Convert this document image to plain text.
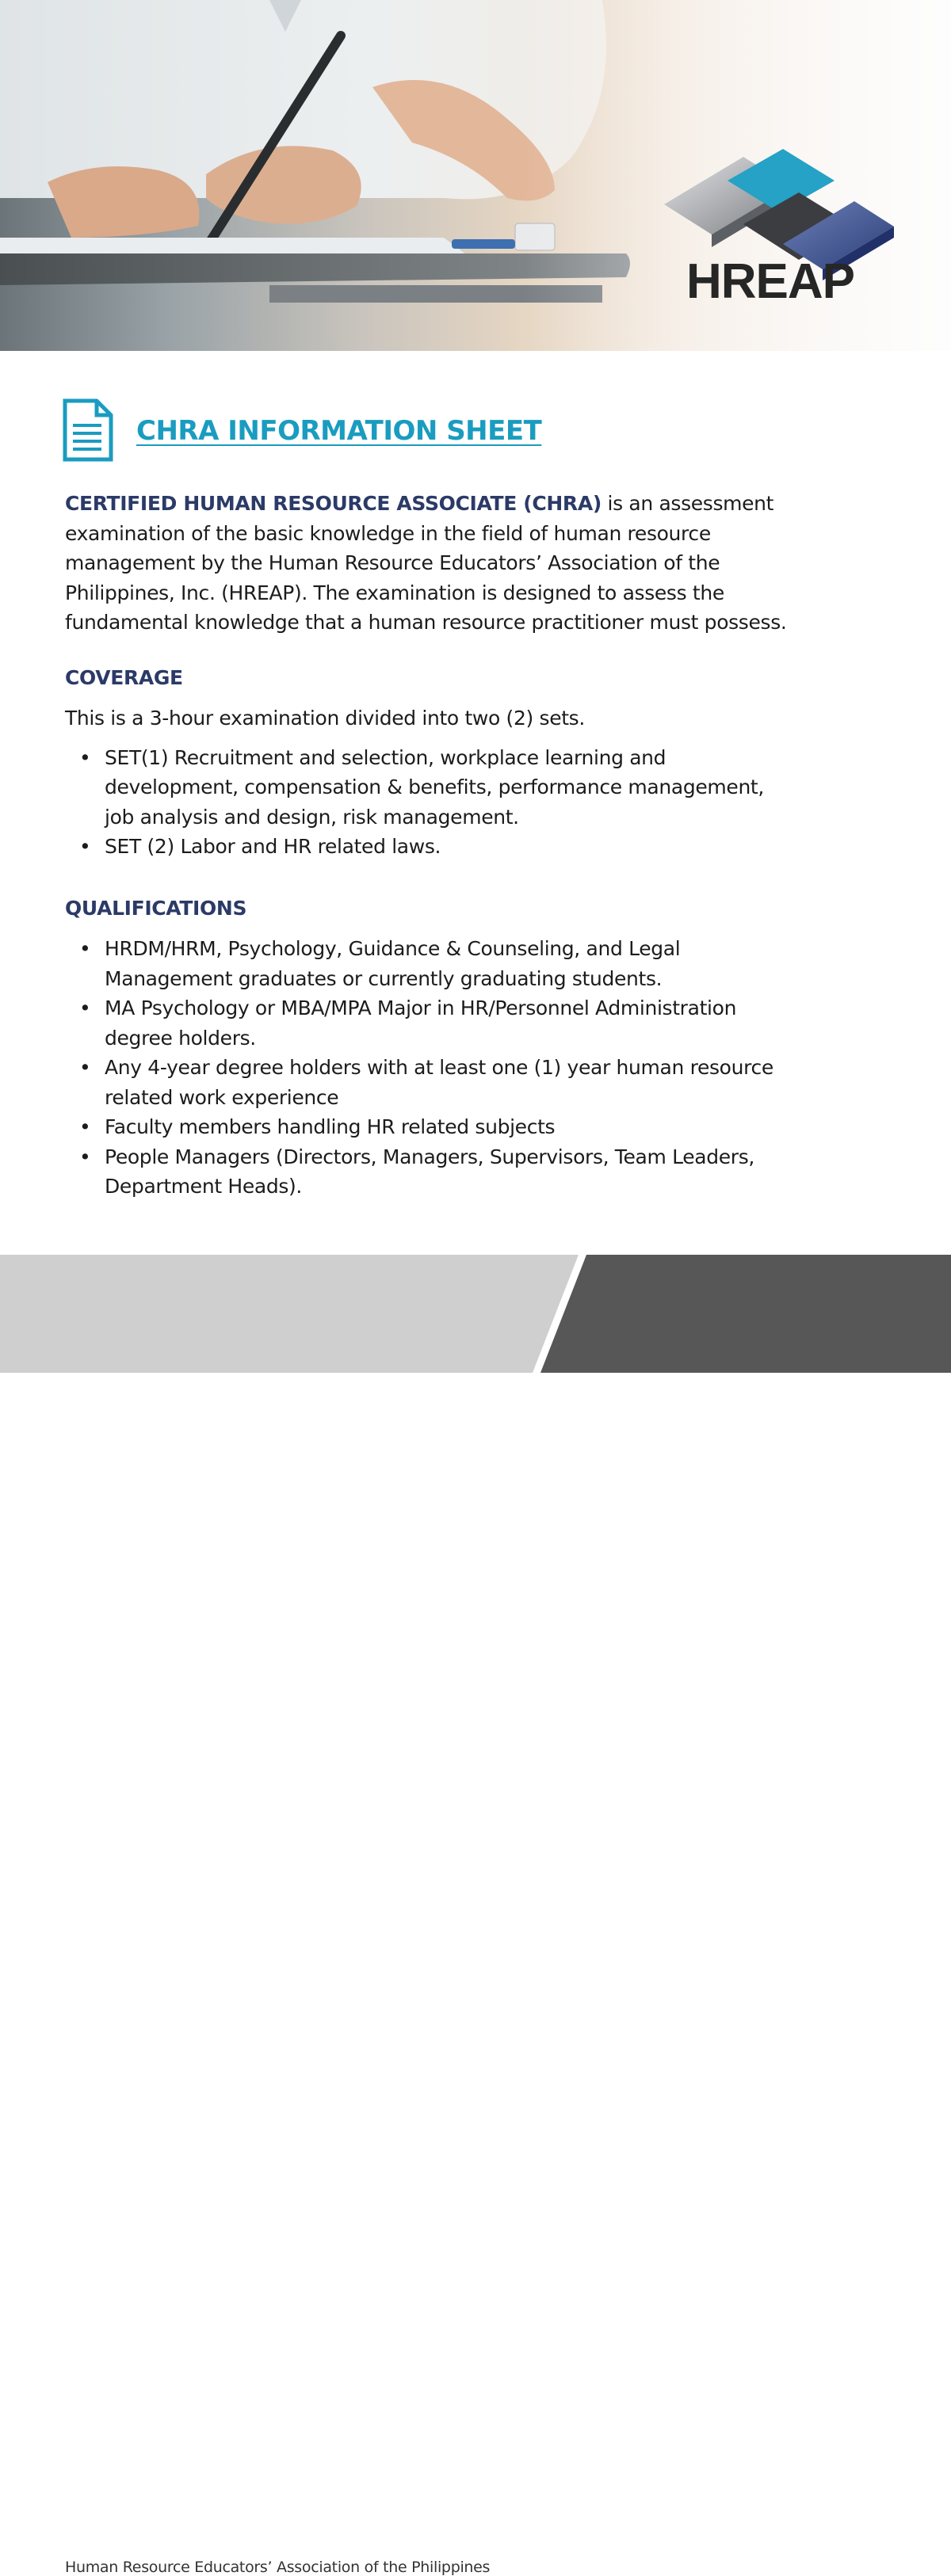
HREAP

CHRA INFORMATION SHEET

CERTIFIED HUMAN RESOURCE ASSOCIATE (CHRA) is an assessment
examination of the basic knowledge in the field of human resource
management by the Human Resource Educators’ Association of the
Philippines, Inc. (HREAP). The examination is designed to assess the
fundamental knowledge that a human resource practitioner must possess.

COVERAGE

This is a 3-hour examination divided into two (2) sets.

• SET(1) Recruitment and selection, workplace learning and
development, compensation & benefits, performance management,
job analysis and design, risk management.
• SET (2) Labor and HR related laws.
QUALIFICATIONS
• HRDM/HRM, Psychology, Guidance & Counseling, and Legal
Management graduates or currently graduating students.
• MA Psychology or MBA/MPA Major in HR/Personnel Administration
degree holders.
• Any 4-year degree holders with at least one (1) year human resource
related work experience
• Faculty members handling HR related subjects
• People Managers (Directors, Managers, Supervisors, Team Leaders,
Department Heads).

Human Resource Educators’ Association of the Philippines	Page 1 of 9
